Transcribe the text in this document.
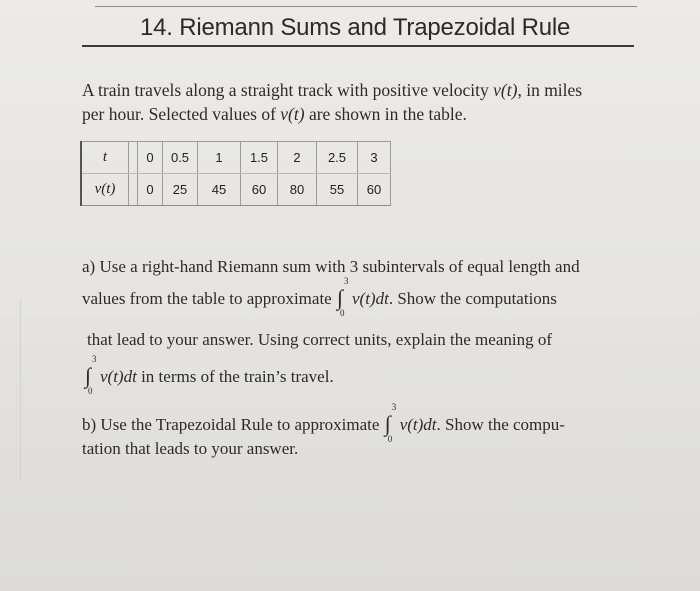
14. Riemann Sums and Trapezoidal Rule
A train travels along a straight track with positive velocity v(t), in miles
per hour. Selected values of v(t) are shown in the table.
t		0	0.5	1	1.5	2	2.5	3
v(t)		0	25	45	60	80	55	60
a) Use a right-hand Riemann sum with 3 subintervals of equal length and
values from the table to approximate ∫
3
0
v(t)dt. Show the computations
that lead to your answer. Using correct units, explain the meaning of
∫
3
0
v(t)dt in terms of the train’s travel.
b) Use the Trapezoidal Rule to approximate ∫
3
0
v(t)dt. Show the compu-
tation that leads to your answer.
